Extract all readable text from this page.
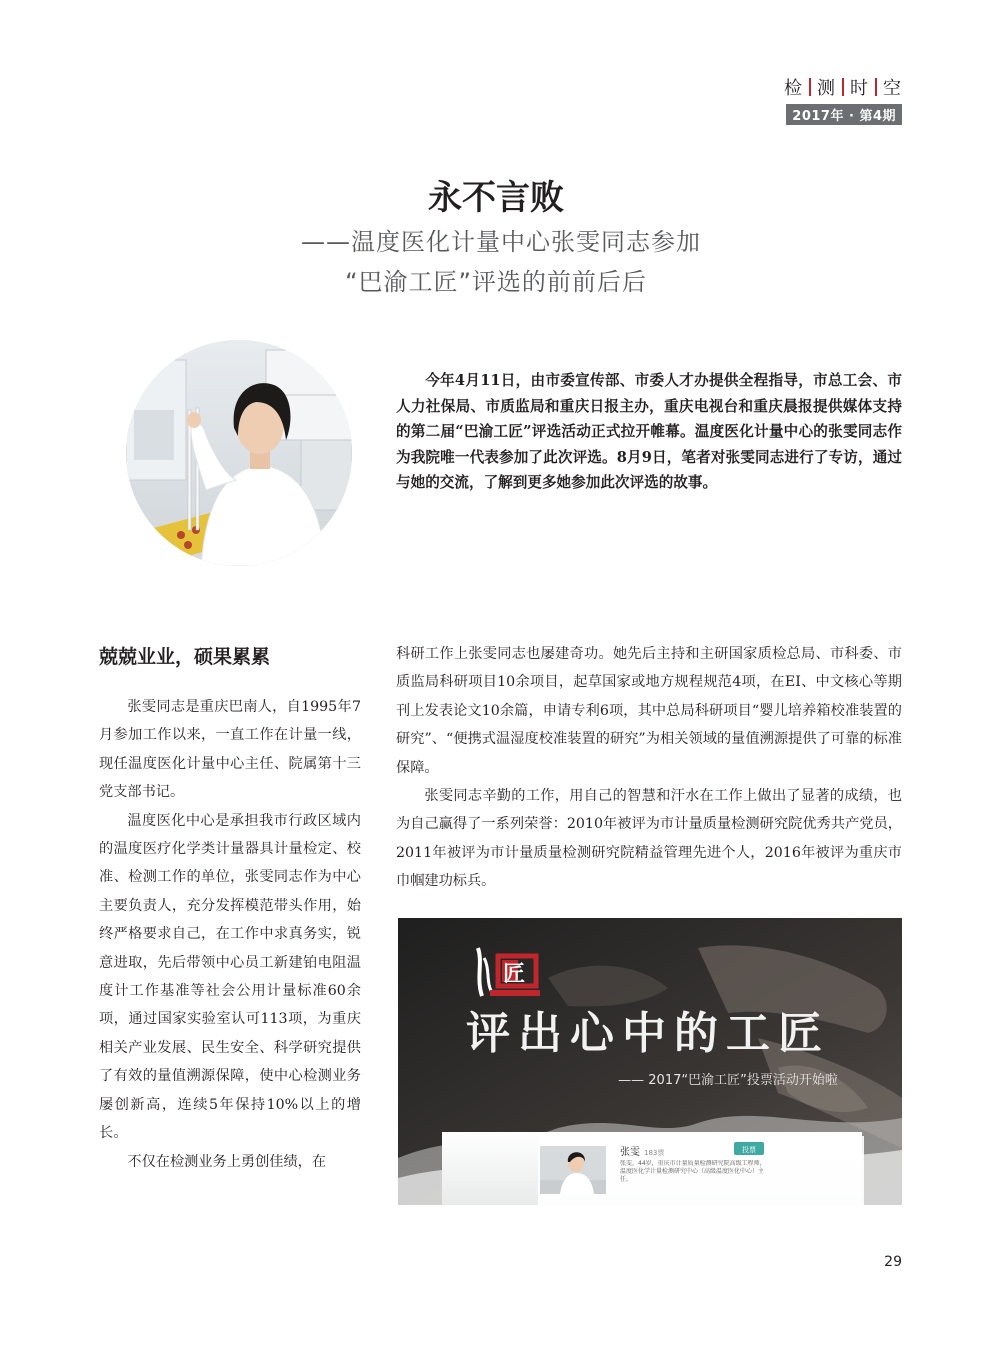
检 测 时 空
2017年 · 第4期
永不言败
——温度医化计量中心张雯同志参加
“巴渝工匠”评选的前前后后

今年4月11日，由市委宣传部、市委人才办提供全程指导，市总工会、市人力社保局、市质监局和重庆日报主办，重庆电视台和重庆晨报提供媒体支持的第二届“巴渝工匠”评选活动正式拉开帷幕。温度医化计量中心的张雯同志作为我院唯一代表参加了此次评选。8月9日，笔者对张雯同志进行了专访，通过与她的交流，了解到更多她参加此次评选的故事。

兢兢业业，硕果累累

张雯同志是重庆巴南人，自1995年7月参加工作以来，一直工作在计量一线，现任温度医化计量中心主任、院属第十三党支部书记。

温度医化中心是承担我市行政区域内的温度医疗化学类计量器具计量检定、校准、检测工作的单位，张雯同志作为中心主要负责人，充分发挥模范带头作用，始终严格要求自己，在工作中求真务实，锐意进取，先后带领中心员工新建铂电阻温度计工作基准等社会公用计量标准60余项，通过国家实验室认可113项，为重庆相关产业发展、民生安全、科学研究提供了有效的量值溯源保障，使中心检测业务屡创新高，连续5年保持10%以上的增长。

不仅在检测业务上勇创佳绩，在

科研工作上张雯同志也屡建奇功。她先后主持和主研国家质检总局、市科委、市质监局科研项目10余项目，起草国家或地方规程规范4项，在EI、中文核心等期刊上发表论文10余篇，申请专利6项，其中总局科研项目“婴儿培养箱校准装置的研究”、“便携式温湿度校准装置的研究”为相关领域的量值溯源提供了可靠的标准保障。

张雯同志辛勤的工作，用自己的智慧和汗水在工作上做出了显著的成绩，也为自己赢得了一系列荣誉：2010年被评为市计量质量检测研究院优秀共产党员，2011年被评为市计量质量检测研究院精益管理先进个人，2016年被评为重庆市巾帼建功标兵。

匠
评出心中的工匠
—— 2017“巴渝工匠”投票活动开始啦
张雯 183票	投票
张雯，44岁，重庆市计量质量检测研究院高级工程师，温度医化学计量检测研究中心（高级温度医化中心）主任。
29
